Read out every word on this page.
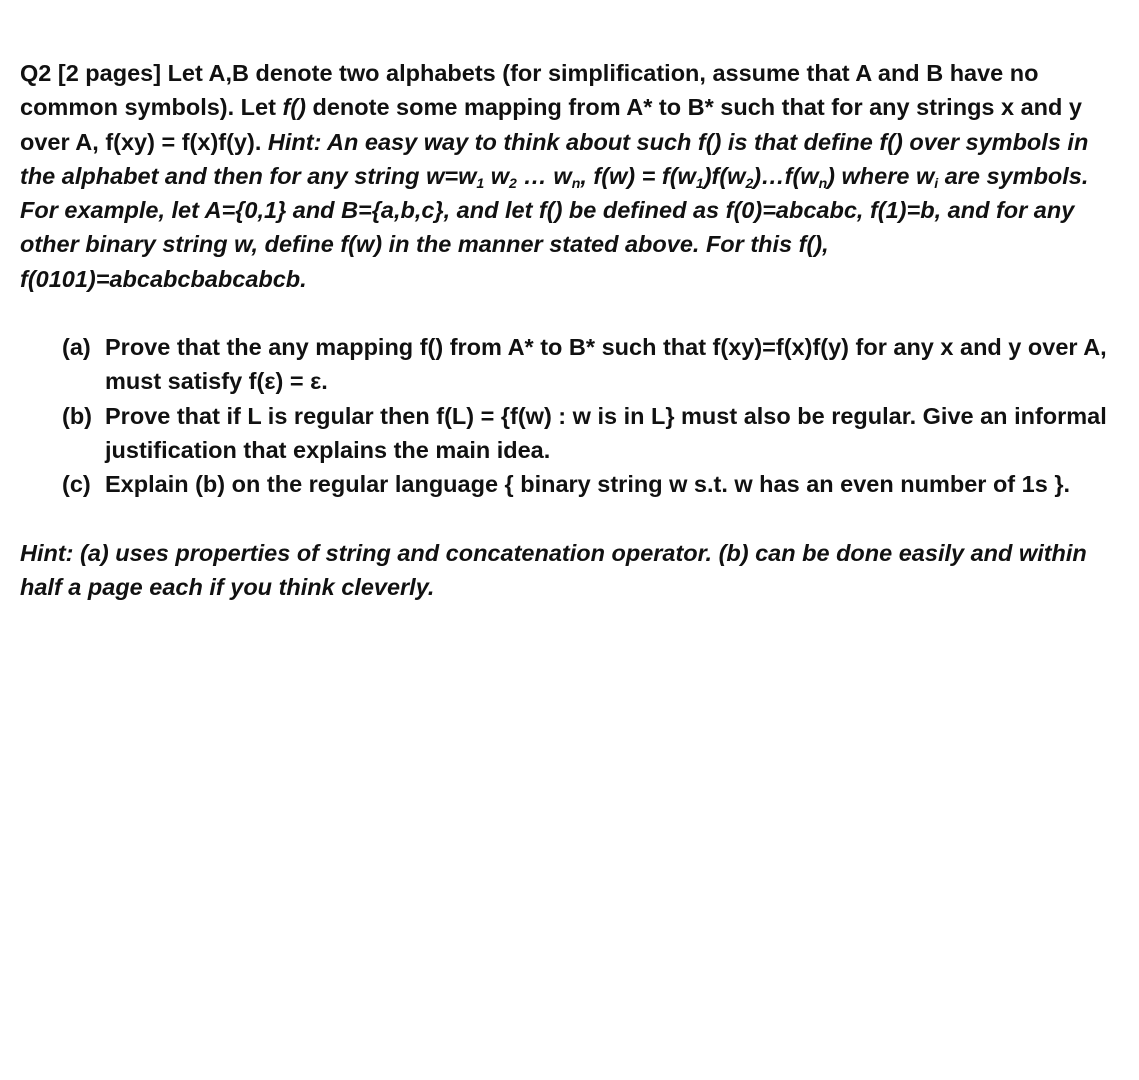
Q2 [2 pages] Let A,B denote two alphabets (for simplification, assume that A and B have no common symbols). Let f() denote some mapping from A* to B* such that for any strings x and y over A, f(xy) = f(x)f(y). Hint: An easy way to think about such f() is that define f() over symbols in the alphabet and then for any string $w=w_1$ $w_2$ … $w_n$, $f(w) = f(w_1)f(w_2)\dots f(w_n)$ where $w_i$ are symbols. For example, let A={0,1} and B={a,b,c}, and let f() be defined as f(0)=abcabc, f(1)=b, and for any other binary string w, define f(w) in the manner stated above. For this f(), f(0101)=abcabcbabcabcb.

(a) Prove that the any mapping f() from A* to B* such that f(xy)=f(x)f(y) for any x and y over A, must satisfy f(ε) = ε.
(b) Prove that if L is regular then f(L) = {f(w) : w is in L} must also be regular. Give an informal justification that explains the main idea.
(c) Explain (b) on the regular language { binary string w s.t. w has an even number of 1s }.

Hint: (a) uses properties of string and concatenation operator. (b) can be done easily and within half a page each if you think cleverly.
